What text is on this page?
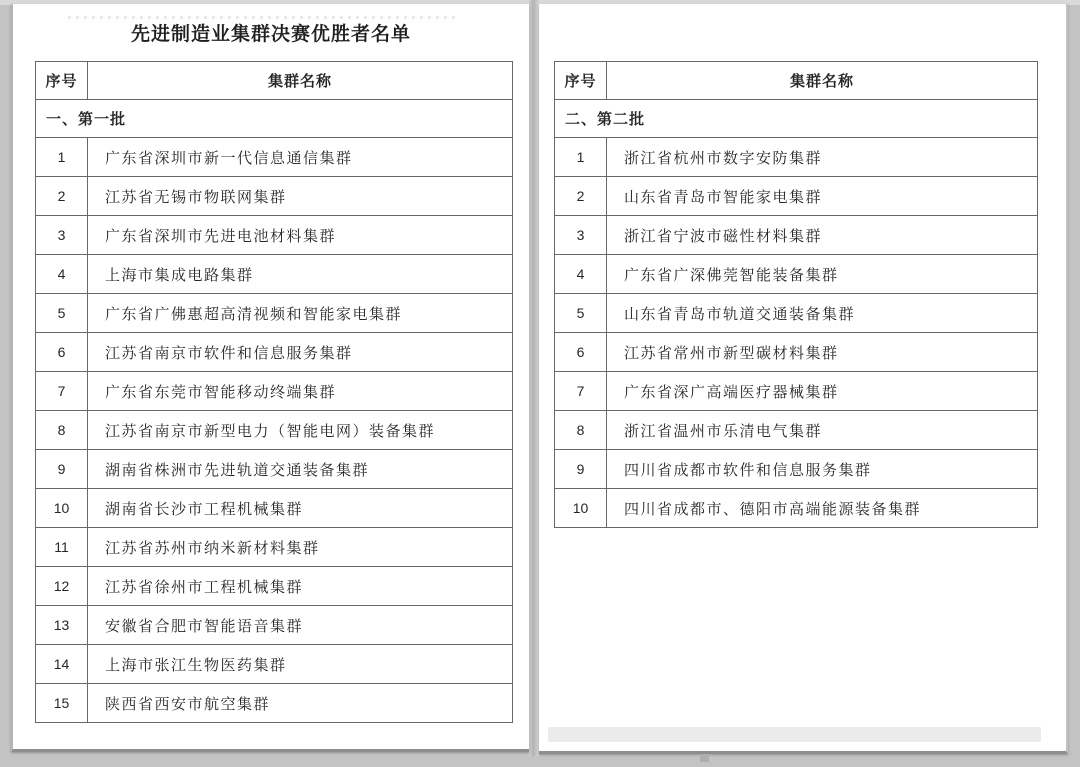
先进制造业集群决赛优胜者名单
序号	集群名称
一、第一批	
1	广东省深圳市新一代信息通信集群
2	江苏省无锡市物联网集群
3	广东省深圳市先进电池材料集群
4	上海市集成电路集群
5	广东省广佛惠超高清视频和智能家电集群
6	江苏省南京市软件和信息服务集群
7	广东省东莞市智能移动终端集群
8	江苏省南京市新型电力（智能电网）装备集群
9	湖南省株洲市先进轨道交通装备集群
10	湖南省长沙市工程机械集群
11	江苏省苏州市纳米新材料集群
12	江苏省徐州市工程机械集群
13	安徽省合肥市智能语音集群
14	上海市张江生物医药集群
15	陕西省西安市航空集群
序号	集群名称
二、第二批	
1	浙江省杭州市数字安防集群
2	山东省青岛市智能家电集群
3	浙江省宁波市磁性材料集群
4	广东省广深佛莞智能装备集群
5	山东省青岛市轨道交通装备集群
6	江苏省常州市新型碳材料集群
7	广东省深广高端医疗器械集群
8	浙江省温州市乐清电气集群
9	四川省成都市软件和信息服务集群
10	四川省成都市、德阳市高端能源装备集群
